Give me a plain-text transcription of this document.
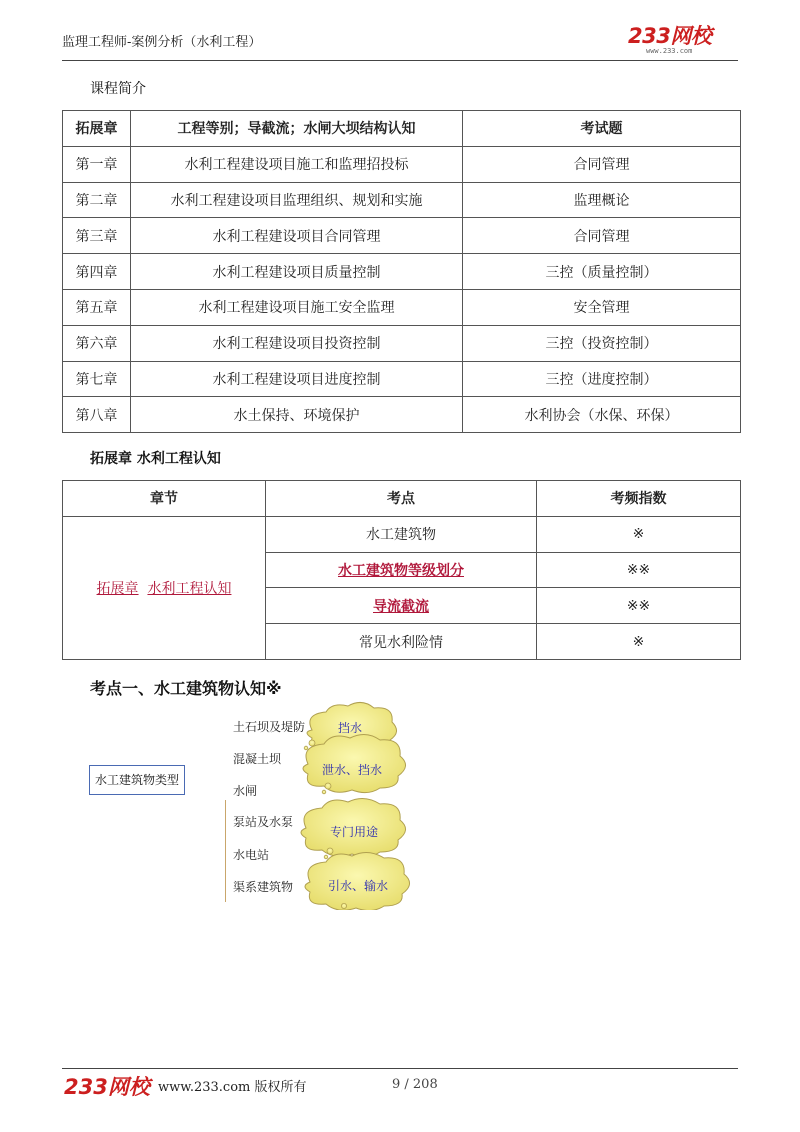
监理工程师-案例分析（水利工程）	233网校
www.233.com
课程简介
拓展章	工程等别；导截流；水闸大坝结构认知	考试题
第一章	水利工程建设项目施工和监理招投标	合同管理
第二章	水利工程建设项目监理组织、规划和实施	监理概论
第三章	水利工程建设项目合同管理	合同管理
第四章	水利工程建设项目质量控制	三控（质量控制）
第五章	水利工程建设项目施工安全监理	安全管理
第六章	水利工程建设项目投资控制	三控（投资控制）
第七章	水利工程建设项目进度控制	三控（进度控制）
第八章	水土保持、环境保护	水利协会（水保、环保）
拓展章 水利工程认知
章节	考点	考频指数
拓展章 水利工程认知	水工建筑物	※
	水工建筑物等级划分	※※
	导流截流	※※
	常见水利险情	※
考点一、水工建筑物认知※
水工建筑物类型
土石坝及堤防
混凝土坝
水闸
泵站及水泵
水电站
渠系建筑物
挡水
泄水、挡水
专门用途
引水、输水
233网校 www.233.com 版权所有	9 / 208
